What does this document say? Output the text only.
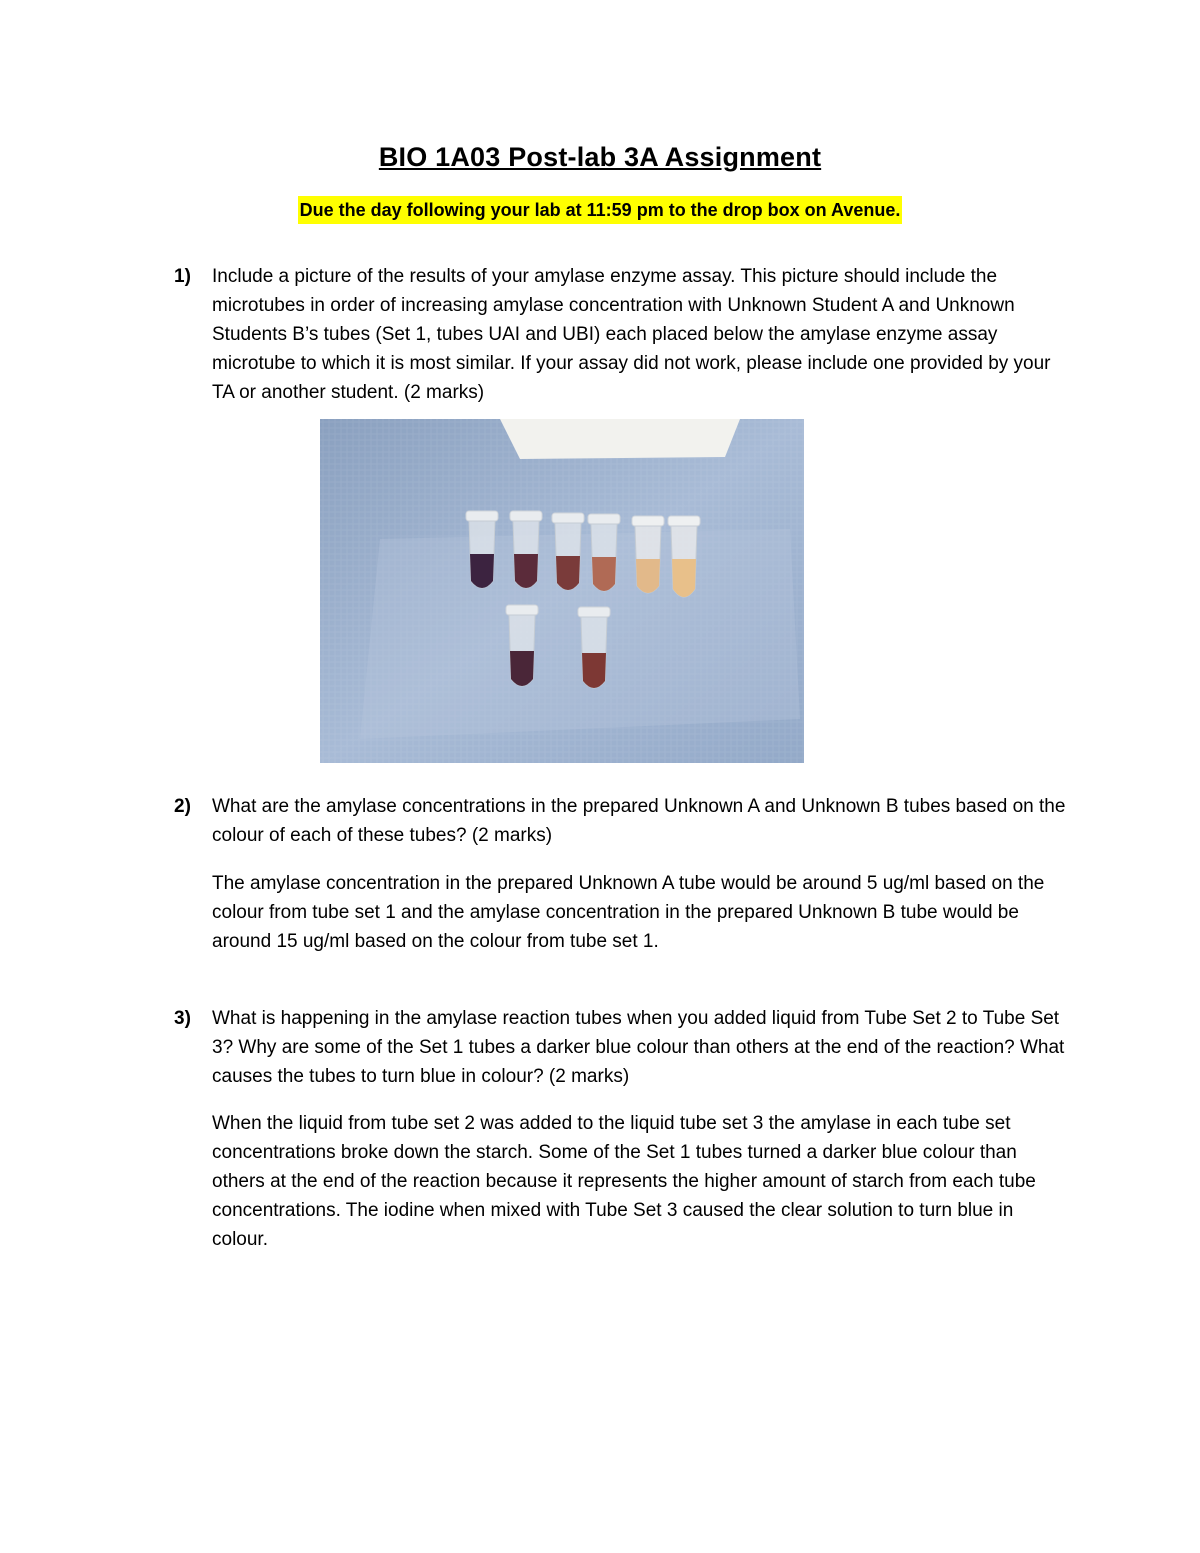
BIO 1A03 Post-lab 3A Assignment
Due the day following your lab at 11:59 pm to the drop box on Avenue.
1) Include a picture of the results of your amylase enzyme assay. This picture should include the microtubes in order of increasing amylase concentration with Unknown Student A and Unknown Students B’s tubes (Set 1, tubes UAI and UBI) each placed below the amylase enzyme assay microtube to which it is most similar. If your assay did not work, please include one provided by your TA or another student. (2 marks)
2) What are the amylase concentrations in the prepared Unknown A and Unknown B tubes based on the colour of each of these tubes? (2 marks)
The amylase concentration in the prepared Unknown A tube would be around 5 ug/ml based on the colour from tube set 1 and the amylase concentration in the prepared Unknown B tube would be around 15 ug/ml based on the colour from tube set 1.
3) What is happening in the amylase reaction tubes when you added liquid from Tube Set 2 to Tube Set 3? Why are some of the Set 1 tubes a darker blue colour than others at the end of the reaction? What causes the tubes to turn blue in colour? (2 marks)
When the liquid from tube set 2 was added to the liquid tube set 3 the amylase in each tube set concentrations broke down the starch. Some of the Set 1 tubes turned a darker blue colour than others at the end of the reaction because it represents the higher amount of starch from each tube concentrations. The iodine when mixed with Tube Set 3 caused the clear solution to turn blue in colour.
